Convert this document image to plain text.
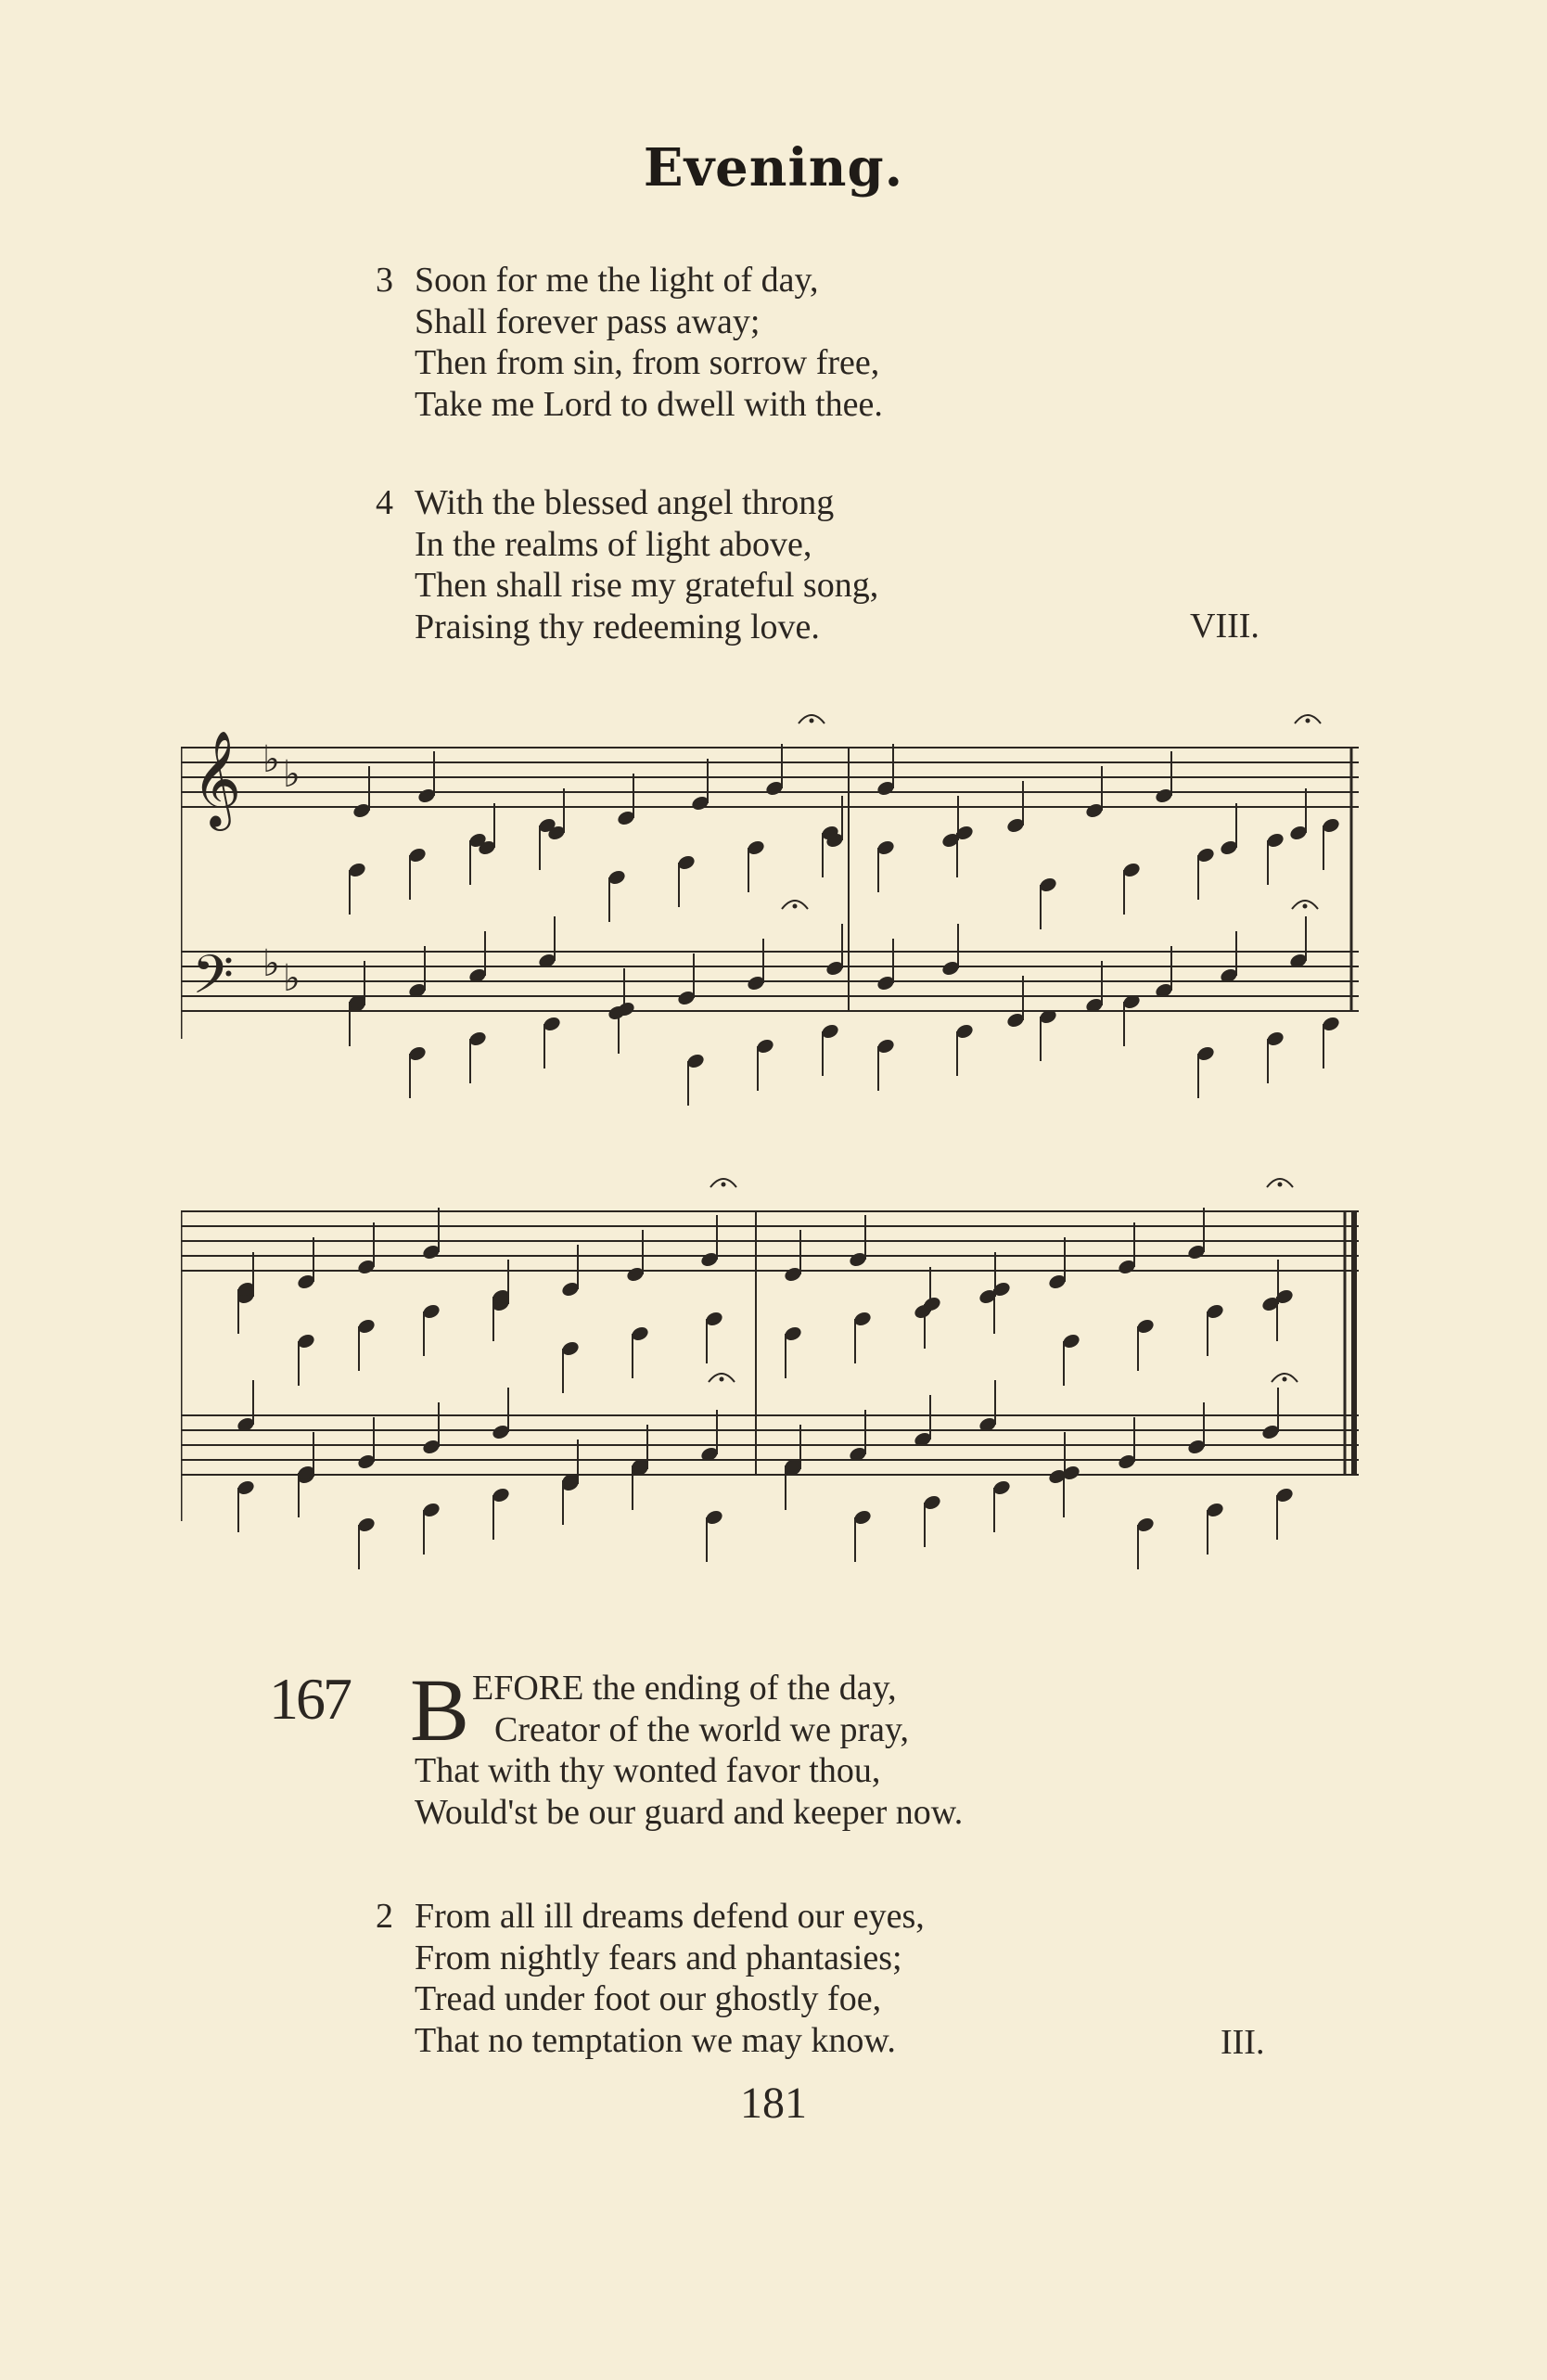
Evening.
3 Soon for me the light of day,
Shall forever pass away;
Then from sin, from sorrow free,
Take me Lord to dwell with thee.
4 With the blessed angel throng
In the realms of light above,
Then shall rise my grateful song,
Praising thy redeeming love.	VIII.
𝄞
𝄢
♭ ♭
♭ ♭
167 B EFORE the ending of the day,
Creator of the world we pray,
That with thy wonted favor thou,
Would'st be our guard and keeper now.
2 From all ill dreams defend our eyes,
From nightly fears and phantasies;
Tread under foot our ghostly foe,
That no temptation we may know.	III.
181
